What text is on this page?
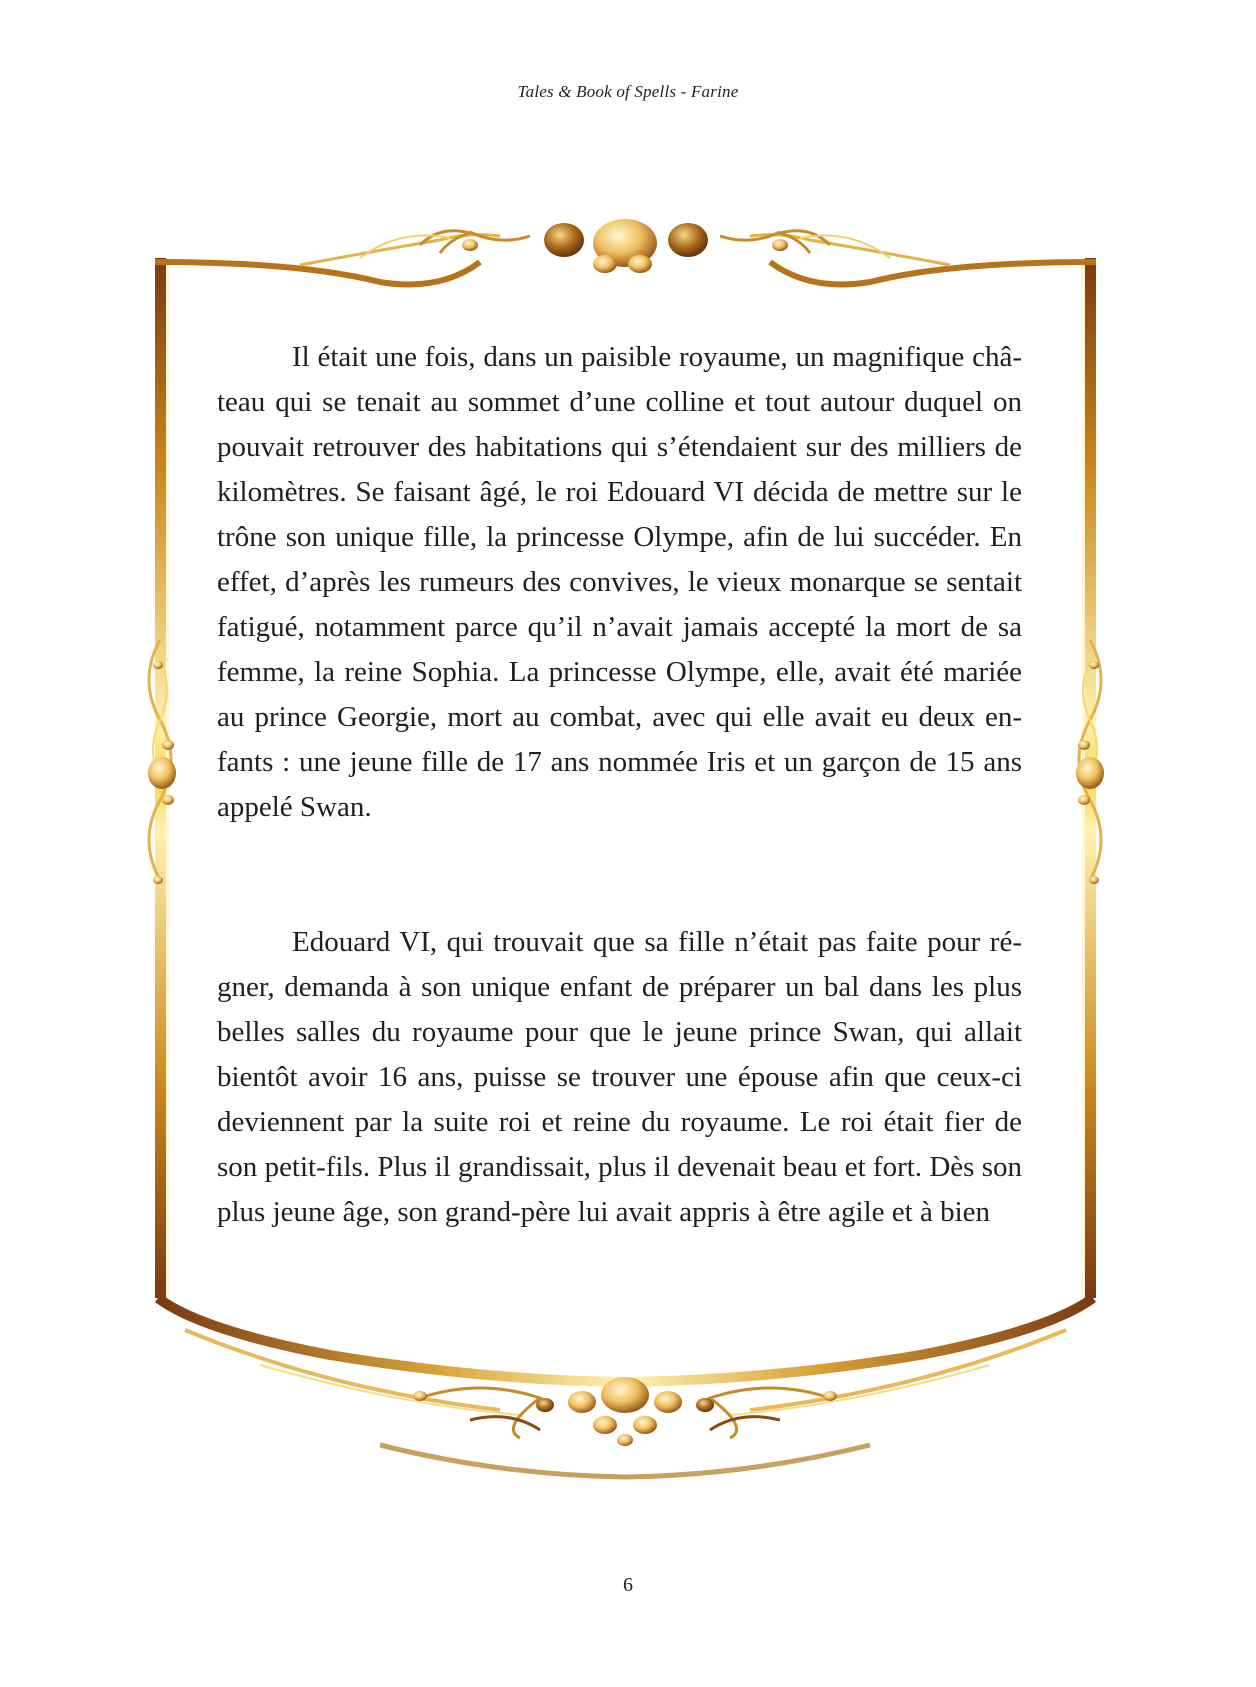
Tales & Book of Spells - Farine

Il était une fois, dans un paisible royaume, un magnifique château qui se tenait au sommet d’une colline et tout autour duquel on pouvait retrouver des habitations qui s’étendaient sur des milliers de kilomètres. Se faisant âgé, le roi Edouard VI décida de mettre sur le trône son unique fille, la princesse Olympe, afin de lui succéder. En effet, d’après les rumeurs des convives, le vieux monarque se sentait fatigué, notamment parce qu’il n’avait jamais accepté la mort de sa femme, la reine Sophia. La princesse Olympe, elle, avait été mariée au prince Georgie, mort au combat, avec qui elle avait eu deux enfants : une jeune fille de 17 ans nommée Iris et un garçon de 15 ans appelé Swan.

Edouard VI, qui trouvait que sa fille n’était pas faite pour régner, demanda à son unique enfant de préparer un bal dans les plus belles salles du royaume pour que le jeune prince Swan, qui allait bientôt avoir 16 ans, puisse se trouver une épouse afin que ceux-ci deviennent par la suite roi et reine du royaume. Le roi était fier de son petit-fils. Plus il grandissait, plus il devenait beau et fort. Dès son plus jeune âge, son grand-père lui avait appris à être agile et à bien

6
